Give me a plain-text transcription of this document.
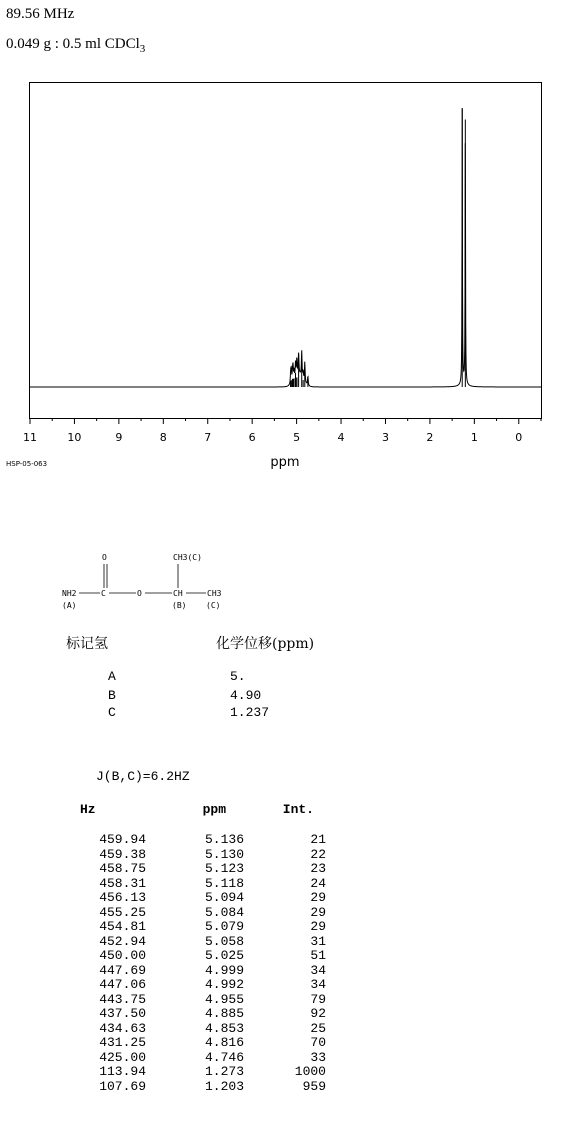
89.56 MHz
0.049 g : 0.5 ml CDCl$_3$
11	10	9	8	7	6	5	4	3	2	1	0
HSP-05-063	ppm
O	CH3(C)
NH2	C	O	CH	CH3
(A)	(B) (C)
标记氢	化学位移(ppm)
A	5.
B	4.90
C	1.237
J(B,C)=6.2HZ
Hz	ppm	Int.
459.94	5.136	21
459.38	5.130	22
458.75	5.123	23
458.31	5.118	24
456.13	5.094	29
455.25	5.084	29
454.81	5.079	29
452.94	5.058	31
450.00	5.025	51
447.69	4.999	34
447.06	4.992	34
443.75	4.955	79
437.50	4.885	92
434.63	4.853	25
431.25	4.816	70
425.00	4.746	33
113.94	1.273	1000
107.69	1.203	959
